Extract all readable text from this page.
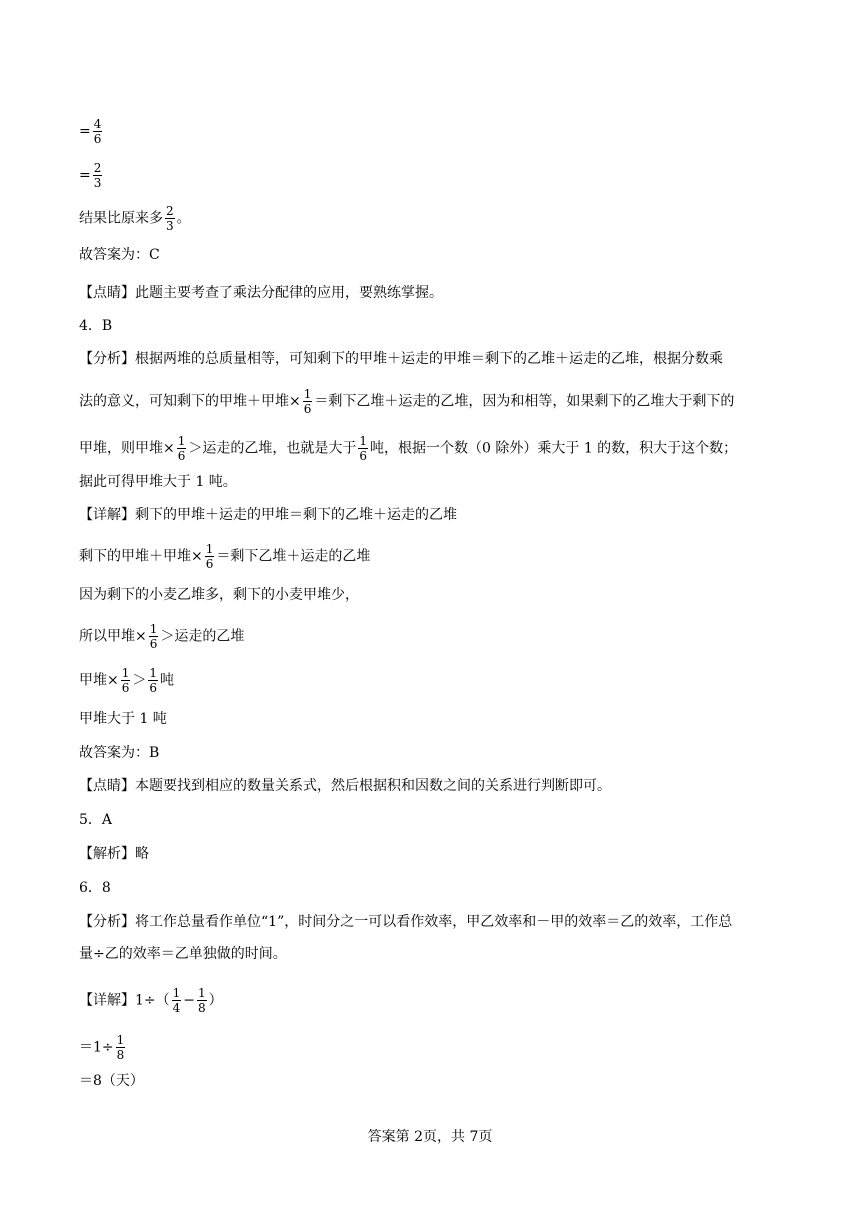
= $\frac{4}{6}$
= $\frac{2}{3}$
结果比原来多 $\frac{2}{3}$ 。
故答案为：C
【点睛】此题主要考查了乘法分配律的应用，要熟练掌握。
4．B
【分析】根据两堆的总质量相等，可知剩下的甲堆＋运走的甲堆＝剩下的乙堆＋运走的乙堆，根据分数乘
法的意义，可知剩下的甲堆＋甲堆× $\frac{1}{6}$ ＝剩下乙堆＋运走的乙堆，因为和相等，如果剩下的乙堆大于剩下的
甲堆，则甲堆× $\frac{1}{6}$ ＞运走的乙堆，也就是大于 $\frac{1}{6}$ 吨，根据一个数（0 除外）乘大于 1 的数，积大于这个数；
据此可得甲堆大于 1 吨。
【详解】剩下的甲堆＋运走的甲堆＝剩下的乙堆＋运走的乙堆
剩下的甲堆＋甲堆× $\frac{1}{6}$ ＝剩下乙堆＋运走的乙堆
因为剩下的小麦乙堆多，剩下的小麦甲堆少，
所以甲堆× $\frac{1}{6}$ ＞运走的乙堆
甲堆× $\frac{1}{6} > \frac{1}{6}$ 吨
甲堆大于 1 吨
故答案为：B
【点睛】本题要找到相应的数量关系式，然后根据积和因数之间的关系进行判断即可。
5．A
【解析】略
6．8
【分析】将工作总量看作单位“1”，时间分之一可以看作效率，甲乙效率和－甲的效率＝乙的效率，工作总
量÷乙的效率＝乙单独做的时间。
【详解】$1\div( \frac{1}{4} - \frac{1}{8}$ ）
$=1\div \frac{1}{8}$
＝8（天）
答案第 2页，共 7页
